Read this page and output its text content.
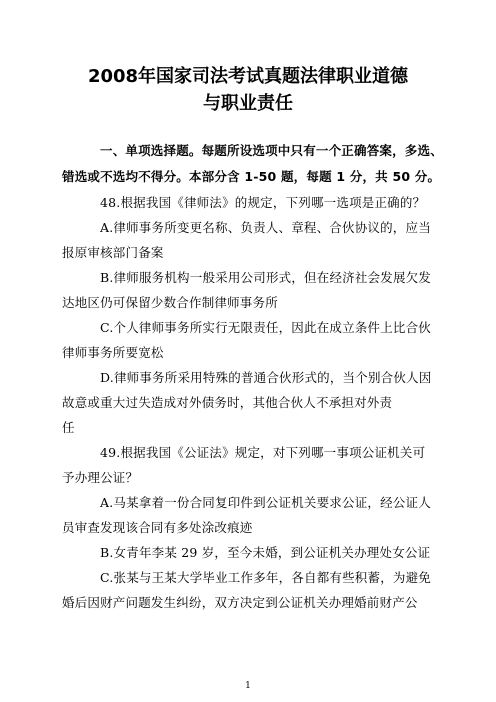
2008年国家司法考试真题法律职业道德
与职业责任
一、单项选择题。每题所设选项中只有一个正确答案，多选、
错选或不选均不得分。本部分含 1-50 题，每题 1 分，共 50 分。
48.根据我国《律师法》的规定，下列哪一选项是正确的？
A.律师事务所变更名称、负责人、章程、合伙协议的，应当
报原审核部门备案
B.律师服务机构一般采用公司形式，但在经济社会发展欠发
达地区仍可保留少数合作制律师事务所
C.个人律师事务所实行无限责任，因此在成立条件上比合伙
律师事务所要宽松
D.律师事务所采用特殊的普通合伙形式的，当个别合伙人因
故意或重大过失造成对外债务时，其他合伙人不承担对外责
任
49.根据我国《公证法》规定，对下列哪一事项公证机关可
予办理公证？
A.马某拿着一份合同复印件到公证机关要求公证，经公证人
员审查发现该合同有多处涂改痕迹
B.女青年李某 29 岁，至今未婚，到公证机关办理处女公证
C.张某与王某大学毕业工作多年，各自都有些积蓄，为避免
婚后因财产问题发生纠纷，双方决定到公证机关办理婚前财产公
1
